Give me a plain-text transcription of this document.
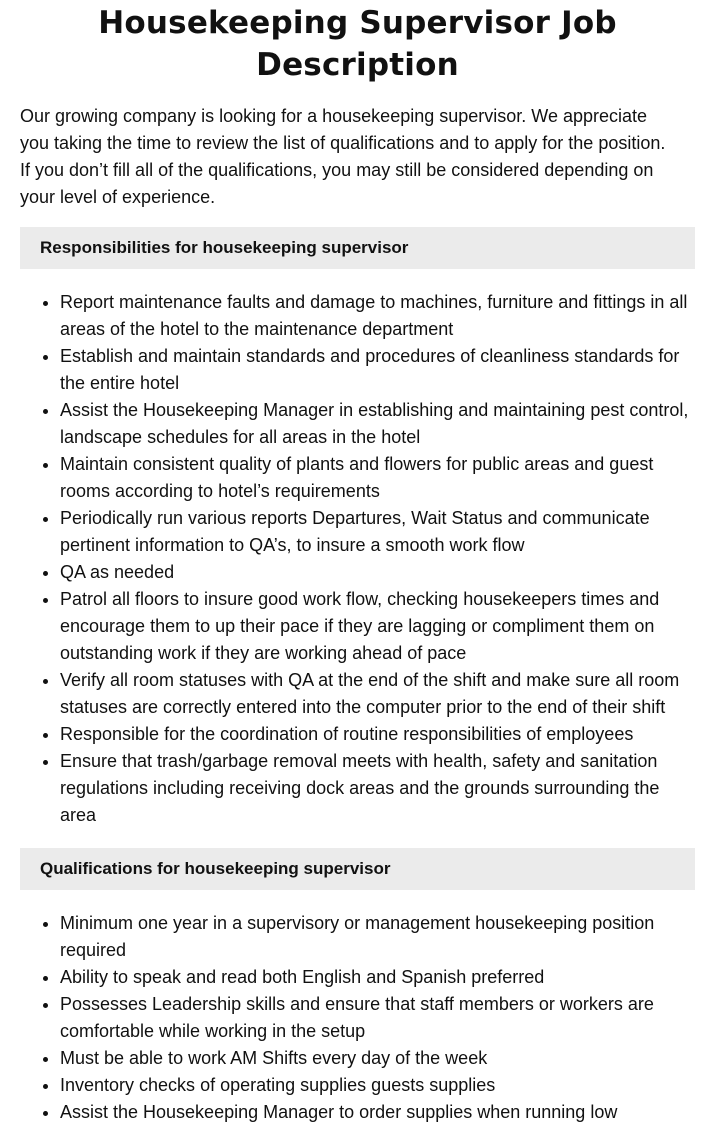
Housekeeping Supervisor Job Description

Our growing company is looking for a housekeeping supervisor. We appreciate you taking the time to review the list of qualifications and to apply for the position. If you don’t fill all of the qualifications, you may still be considered depending on your level of experience.

Responsibilities for housekeeping supervisor
• Report maintenance faults and damage to machines, furniture and fittings in all areas of the hotel to the maintenance department
• Establish and maintain standards and procedures of cleanliness standards for the entire hotel
• Assist the Housekeeping Manager in establishing and maintaining pest control, landscape schedules for all areas in the hotel
• Maintain consistent quality of plants and flowers for public areas and guest rooms according to hotel’s requirements
• Periodically run various reports Departures, Wait Status and communicate pertinent information to QA’s, to insure a smooth work flow
• QA as needed
• Patrol all floors to insure good work flow, checking housekeepers times and encourage them to up their pace if they are lagging or compliment them on outstanding work if they are working ahead of pace
• Verify all room statuses with QA at the end of the shift and make sure all room statuses are correctly entered into the computer prior to the end of their shift
• Responsible for the coordination of routine responsibilities of employees
• Ensure that trash/garbage removal meets with health, safety and sanitation regulations including receiving dock areas and the grounds surrounding the area
Qualifications for housekeeping supervisor
• Minimum one year in a supervisory or management housekeeping position required
• Ability to speak and read both English and Spanish preferred
• Possesses Leadership skills and ensure that staff members or workers are comfortable while working in the setup
• Must be able to work AM Shifts every day of the week
• Inventory checks of operating supplies guests supplies
• Assist the Housekeeping Manager to order supplies when running low
